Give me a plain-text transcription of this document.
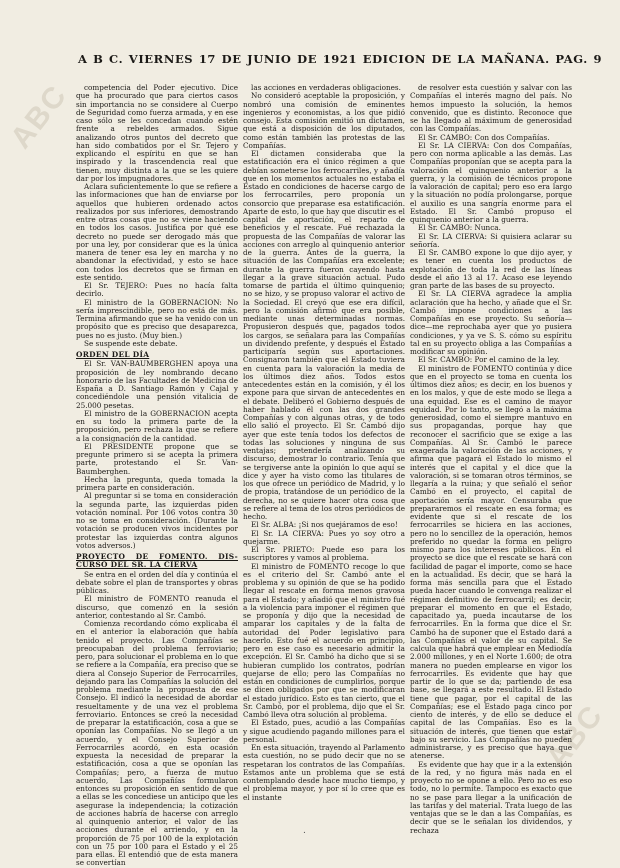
ABC
ABC
A B C. VIERNES 17 DE JUNIO DE 1921 EDICION DE LA MAÑANA. PAG. 9

competencia del Poder ejecutivo. Dice que ha procurado que para ciertos casos sin importancia no se considere al Cuerpo de Seguridad como fuerza armada, y en ese caso sólo se les concedan cuando estén frente a rebeldes armados. Sigue analizando otros puntos del decreto que han sido combatidos por el Sr. Tejero y explicando el espíritu en que se han inspirado y la trascendencia real que tienen, muy distinta a la que se les quiere dar por los impugnadores.

Aclara suficientemente lo que se refiere a las informaciones que han de enviarse por aquellos que hubieren ordenado actos realizados por sus inferiores, demostrando entre otras cosas que no se viene haciendo en todos los casos. Justifica por qué ese decreto no puede ser derogado más que por una ley, por considerar que es la única manera de tener esa ley en marcha y no abandonar la efectividad, y esto se hace con todos los decretos que se firman en este sentido.

El Sr. TEJERO: Pues no hacía falta decirlo.

El ministro de la GOBERNACION: No sería imprescindible, pero no está de más. Termina afirmando que se ha venido con un propósito que es preciso que desaparezca, pues no es justo. (Muy bien.)

Se suspende este debate.

ORDEN DEL DÍA

El Sr. VAN-BAUMBERGHEN apoya una proposición de ley nombrando decano honorario de las Facultades de Medicina de España a D. Santiago Ramón y Cajal y concediéndole una pensión vitalicia de 25.000 pesetas.

El ministro de la GOBERNACION acepta en su todo la primera parte de la proposición, pero rechaza la que se refiere a la consignación de la cantidad.

El PRESIDENTE propone que se pregunte primero si se acepta la primera parte, protestando el Sr. Van-Baumberghen.

Hecha la pregunta, queda tomada la primera parte en consideración.

Al preguntar si se toma en consideración la segunda parte, las izquierdas piden votación nominal. Por 106 votos contra 30 no se toma en consideración. (Durante la votación se producen vivos incidentes por protestar las izquierdas contra algunos votos adversos.)

PROYECTO DE FOMENTO. DIS-CURSO DEL SR. LA CIERVA

Se entra en el orden del día y continúa el debate sobre el plan de transportes y obras públicas.

El ministro de FOMENTO reanuda el discurso, que comenzó en la sesión anterior, contestando al Sr. Cambó.

Comienza recordando cómo explicaba él en el anterior la elaboración que había tenido el proyecto. Las Compañías se preocupaban del problema ferroviario; pero, para solucionar el problema en lo que se refiere a la Compañía, era preciso que se diera al Consejo Superior de Ferrocarriles, dejando para las Compañías la solución del problema mediante la propuesta de ese Consejo. El indicó la necesidad de abordar resueltamente y de una vez el problema ferroviario. Entonces se creó la necesidad de preparar la estatificación, cosa a que se oponían las Compañías. No se llegó a un acuerdo, y el Consejo Superior de Ferrocarriles acordó, en esta ocasión expuesta la necesidad de preparar la estatificación, cosa a que se oponían las Compañías; pero, a fuerza de mutuo acuerdo, Las Compañías formularon entonces su proposición en sentido de que a ellas se les concediese un anticipo que les asegurase la independencia; la cotización de acciones habría de hacerse con arreglo al quinquenio anterior, el valor de las acciones durante el arriendo, y en la proporción de 75 por 100 de la explotación con un 75 por 100 para el Estado y el 25 para ellas. El entendió que de esta manera se convertían

las acciones en verdaderas obligaciones.

No consideró aceptable la proposición, y nombró una comisión de eminentes ingenieros y economistas, a los que pidió consejo. Esta comisión emitió un dictamen, que está a disposición de los diputados, como están también las protestas de las Compañías.

El dictamen consideraba que la estatificación era el único régimen a que debían someterse los ferrocarriles, y añadía que en los momentos actuales no estaba el Estado en condiciones de hacerse cargo de los ferrocarriles, pero proponía un consorcio que preparase esa estatificación. Aparte de esto, lo que hay que discutir es el capital de aportación, el reparto de beneficios y el rescate. Fué rechazada la propuesta de las Compañías de valorar las acciones con arreglo al quinquenio anterior de la guerra. Antes de la guerra, la situación de las Compañías era excelente; durante la guerra fueron cayendo hasta llegar a la grave situación actual. Pudo tomarse de partida el último quinquenio; no se hizo, y se propuso valorar el activo de la Sociedad. El creyó que ese era difícil, pero la comisión afirmó que era posible, mediante unas determinadas normas. Propusieron después que, pagados todos los cargos, se señalara para las Compañías un dividendo prefente, y después el Estado participaría según sus aportaciones. Consignaron también que el Estado tuviera en cuenta para la valoración la media de los últimos diez años. Todos estos antecedentes están en la comisión, y él los expone para que sirvan de antecedentes en el debate. Deliberó el Gobierno después de haber hablado él con las dos grandes Compañías y con algunas otras, y de todo ello salió el proyecto. El Sr. Cambó dijo ayer que este tenía todos los defectos de todas las soluciones y ninguna de sus ventajas; pretendería analizando su discurso, demostrar lo contrario. Tenía que se tergiverse ante la opinión lo que aquí se dice y ayer ha visto como las titulares de los que ofrece un periódico de Madrid, y lo de propia, tratándose de un periódico de la derecha, no se quiere hacer otra cosa que se refiere al tema de los otros periódicos de hecho.

El Sr. ALBA: ¡Si nos quejáramos de eso!

El Sr. LA CIERVA: Pues yo soy otro a quejarme.

El Sr. PRIETO: Puede eso para los suscriptores y vamos al problema.

El ministro de FOMENTO recoge lo que es el criterio del Sr. Cambó ante el problema y su opinión de que se ha podido llegar al rescate en forma menos gravosa para el Estado; y añadió que el ministro fué a la violencia para imponer el régimen que se proponía y dijo que la necesidad de amparar los capitales y de la falta de autoridad del Poder legislativo para hacerlo. Esto fué el acuerdo en principio, pero en ese caso es necesario admitir la excepción. El Sr. Cambó ha dicho que si se hubieran cumplido los contratos, podrían quejarse de ello; pero las Compañías no están en condiciones de cumplirlos, porque se dicen obligados por que se modificaran el estado jurídico. Esto es tan cierto, que el Sr. Cambó, por el problema, dijo que el Sr. Cambó lleva otra solución al problema.

El Estado, pues, acudió a las Compañías y sigue acudiendo pagando millones para el personal.

En esta situación, trayendo al Parlamento esta cuestión, no se pudo decir que no se respetaran los contratos de las Compañías. Estamos ante un problema que se está contemplando desde hace mucho tiempo, y el problema mayor, y por sí lo cree que es el instante

de resolver esta cuestión y salvar con las Compañías el interés magno del país. No hemos impuesto la solución, la hemos convenido, que es distinto. Reconoce que se ha llegado al máximum de generosidad con las Compañías.

El Sr. CAMBO: Con dos Compañías.

El Sr. LA CIERVA: Con dos Compañías, pero con norma aplicable a las demás. Las Compañías proponían que se acepta para la valoración el quinquenio anterior a la guerra, y la comisión de técnicos propone la valoración de capital; pero eso era largo y la situación no podía prolongarse, porque el auxilio es una sangría enorme para el Estado. El Sr. Cambó propuso el quinquenio anterior a la guerra.

El Sr. CAMBO: Nunca.

El Sr. LA CIERVA: Si quisiera aclarar su señoría.

El Sr. CAMBO expone lo que dijo ayer, y es tener en cuenta los productos de explotación de toda la red de las líneas desde el año 13 al 17. Acaso ese leyendo gran parte de las bases de su proyecto.

El Sr. LA CIERVA agradece la amplia aclaración que ha hecho, y añade que el Sr. Cambó impone condiciones a las Compañías en ese proyecto. Su señoría—dice—me reprochaba ayer que yo pusiera condiciones, y ya ve S. S. cómo su espíritu tal en su proyecto obliga a las Compañías a modificar su opinión.

El Sr. CAMBO: Por el camino de la ley.

El ministro de FOMENTO continúa y dice que en el proyecto se toma en cuenta los últimos diez años; es decir, en los buenos y en los malos, y que de este modo se llega a una equidad. Ese es el camino de mayor equidad. Por lo tanto, se llegó a la máxima generosidad, como el siempre mantuvo en sus propagandas, porque hay que reconocer el sacrificio que se exige a las Compañías. Al Sr. Cambó le parece exagerada la valoración de las acciones, y afirma que pagará el Estado lo mismo el interés que el capital y el dice que la valoración, si se tomaran otros términos, se llegaría a la ruina; y que señaló el señor Cambó en el proyecto, el capital de aportación sería mayor. Censuraba que prepararemos el rescate en esa forma; es evidente que si el rescate de los ferrocarriles se hiciera en las acciones, pero no lo sencillez de la operación, hemos preferido no quedar la forma en peligro mismo para los intereses públicos. En el proyecto se dice que el rescate se hará con facilidad de pagar el importe, como se hace en la actualidad. Es decir, que se hará la forma más sencilla para que el Estado pueda hacer cuando le convenga realizar el régimen definitivo de ferrocarril; es decir, preparar el momento en que el Estado, capacitado ya, pueda incautarse de los ferrocarriles. En la forma que dice el Sr. Cambó ha de suponer que el Estado dará a las Compañías el valor de su capital. Se calcula que habrá que emplear en Mediodía 2.000 millones, y en el Norte 1.600; de otra manera no pueden emplearse en vigor los ferrocarriles. Es evidente que hay que partir de lo que se da; partiendo de esa base, se llegará a este resultado. El Estado tiene que pagar, por el capital de las Compañías; ese el Estado paga cinco por ciento de interés, y de ello se deduce el capital de las Compañías. Eso es la situación de interés, que tienen que estar bajo su servicio. Las Compañías no pueden administrarse, y es preciso que haya que atenerse.

Es evidente que hay que ir a la extensión de la red, y no figura más nada en el proyecto no se opone a ello. Pero no es eso todo, no lo permite. Tampoco es exacto que no se pase para llegar a la unificación de las tarifas y del material. Trata luego de las ventajas que se le dan a las Compañías, es decir que se le señalan los dividendos, y rechaza

.
